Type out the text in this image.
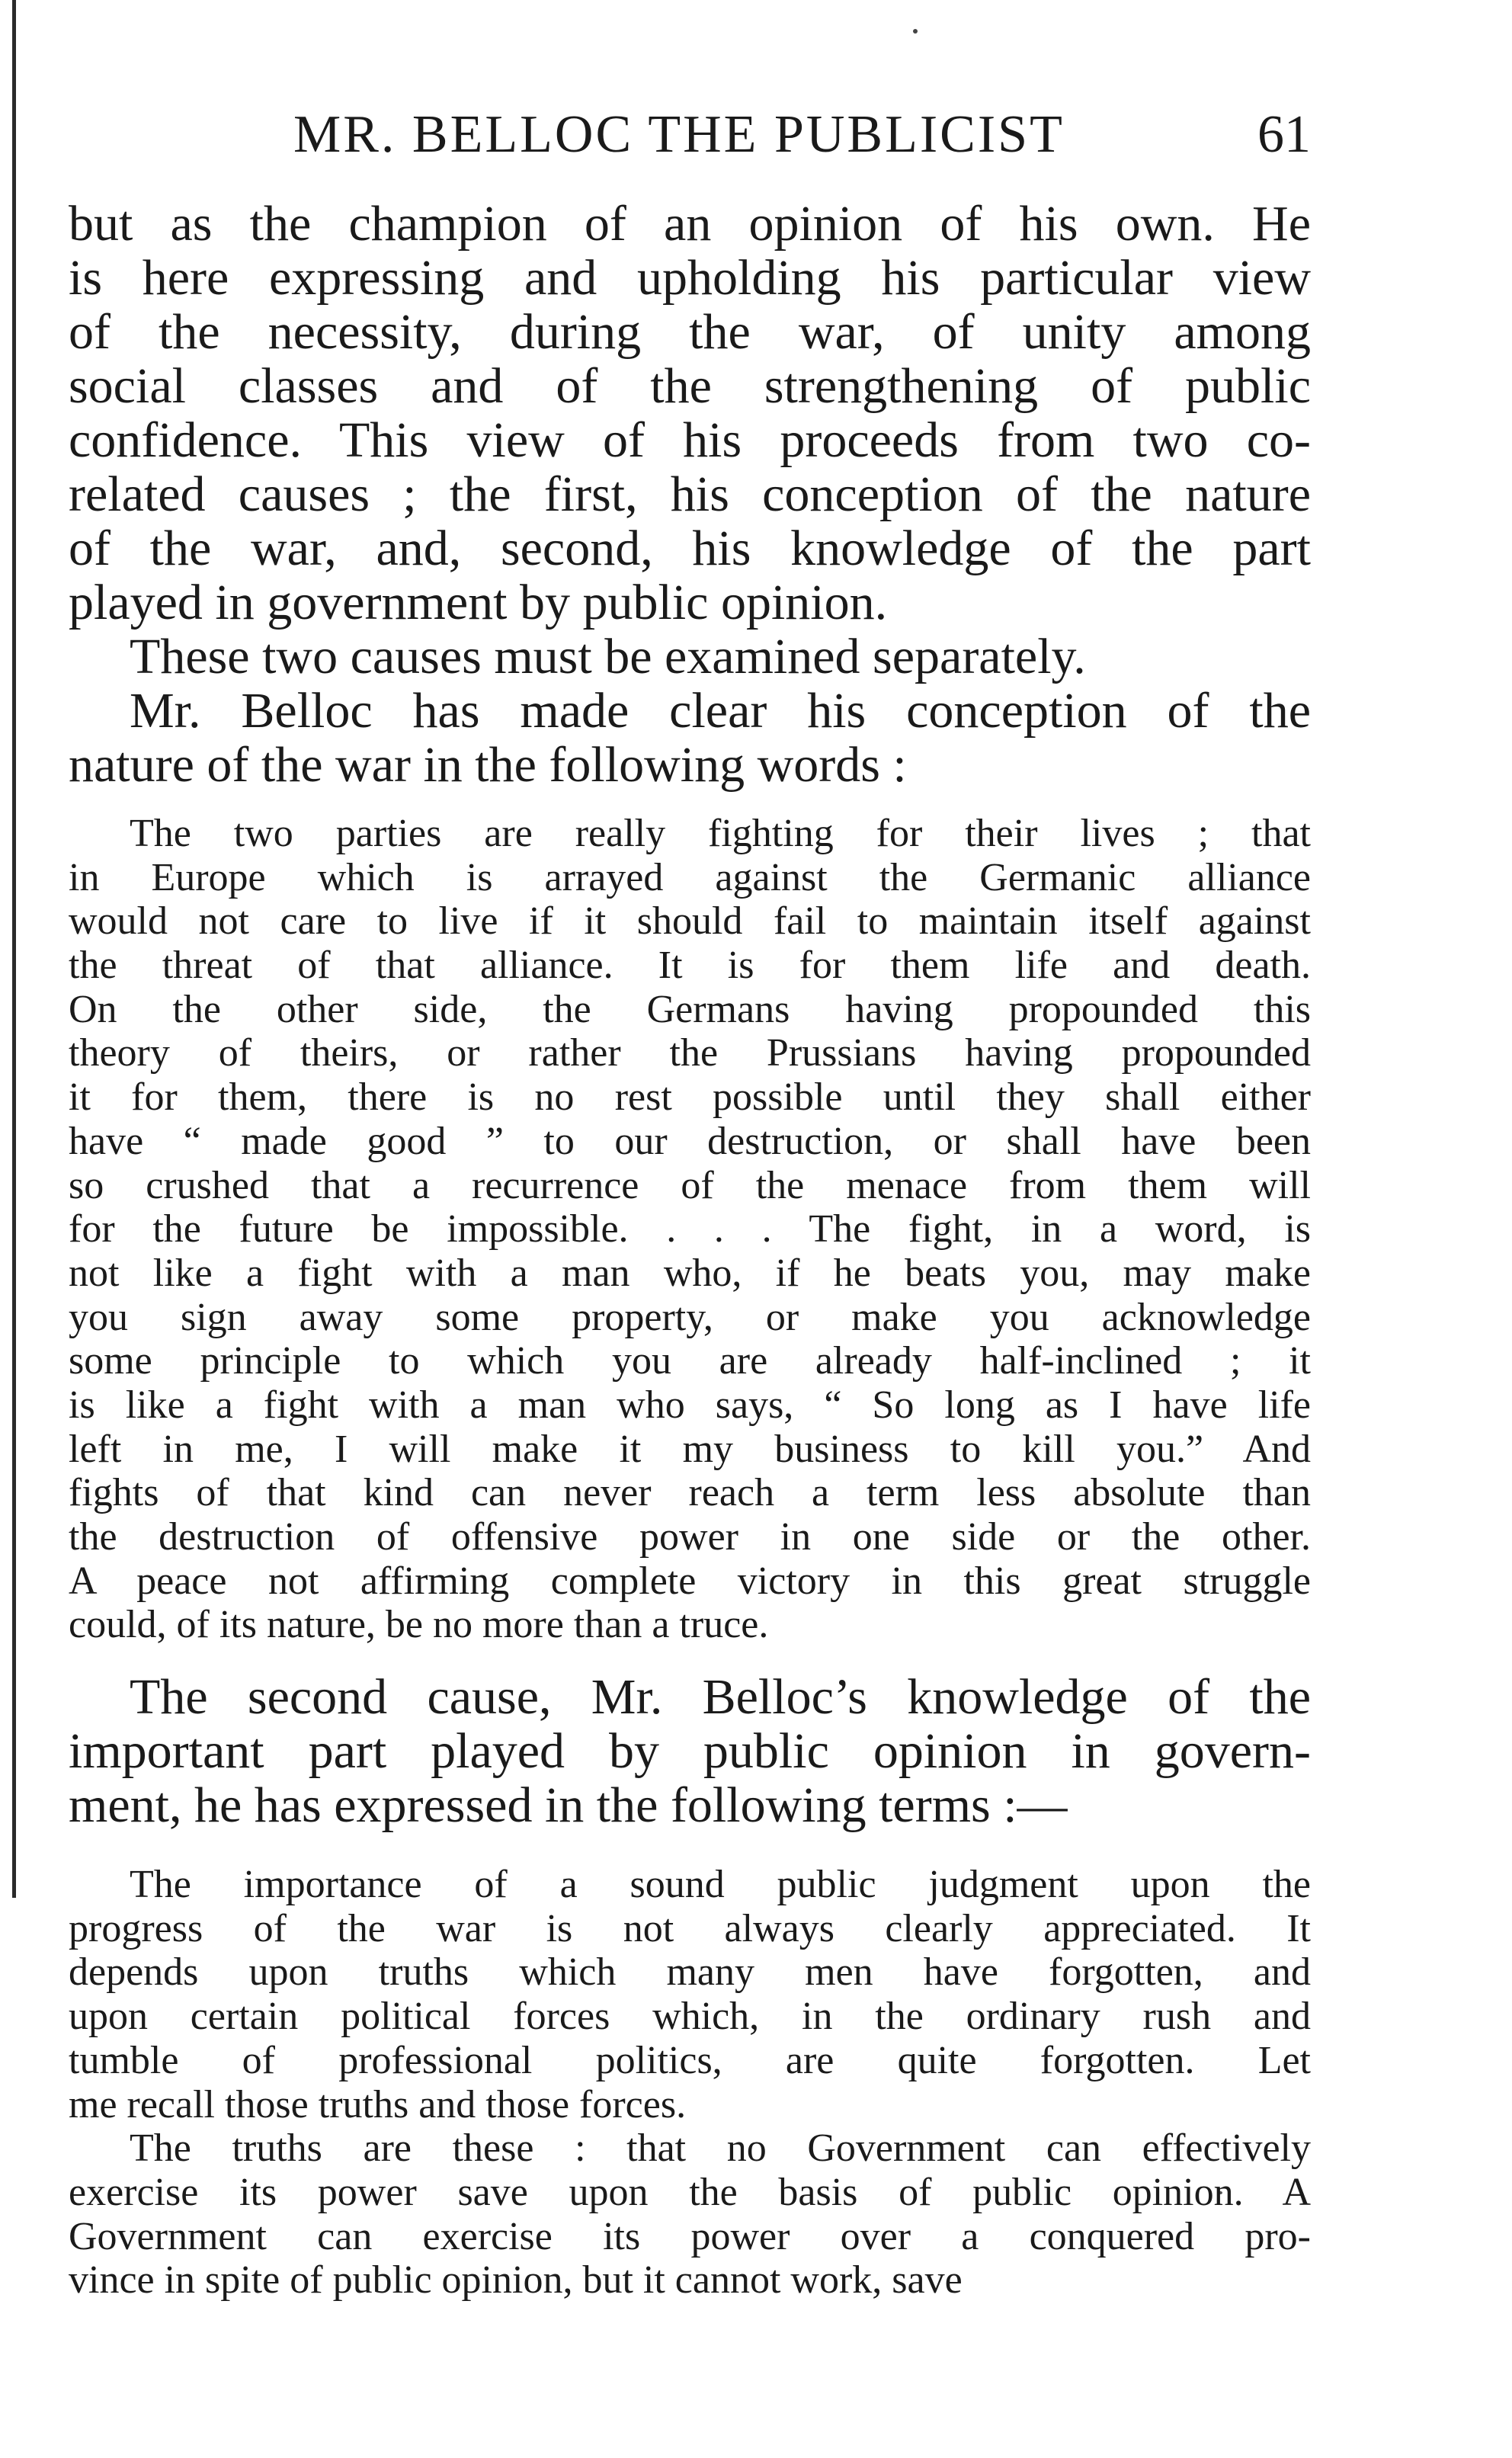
MR. BELLOC THE PUBLICIST	61
but as the champion of an opinion of his own. He
is here expressing and upholding his particular view
of the necessity, during the war, of unity among
social classes and of the strengthening of public
confidence. This view of his proceeds from two co-
related causes ; the first, his conception of the nature
of the war, and, second, his knowledge of the part
played in government by public opinion.
These two causes must be examined separately.
Mr. Belloc has made clear his conception of the
nature of the war in the following words :
The two parties are really fighting for their lives ; that
in Europe which is arrayed against the Germanic alliance
would not care to live if it should fail to maintain itself against
the threat of that alliance. It is for them life and death.
On the other side, the Germans having propounded this
theory of theirs, or rather the Prussians having propounded
it for them, there is no rest possible until they shall either
have “ made good ” to our destruction, or shall have been
so crushed that a recurrence of the menace from them will
for the future be impossible. . . . The fight, in a word, is
not like a fight with a man who, if he beats you, may make
you sign away some property, or make you acknowledge
some principle to which you are already half-inclined ; it
is like a fight with a man who says, “ So long as I have life
left in me, I will make it my business to kill you.” And
fights of that kind can never reach a term less absolute than
the destruction of offensive power in one side or the other.
A peace not affirming complete victory in this great struggle
could, of its nature, be no more than a truce.
The second cause, Mr. Belloc’s knowledge of the
important part played by public opinion in govern-
ment, he has expressed in the following terms :—
The importance of a sound public judgment upon the
progress of the war is not always clearly appreciated. It
depends upon truths which many men have forgotten, and
upon certain political forces which, in the ordinary rush and
tumble of professional politics, are quite forgotten. Let
me recall those truths and those forces.
The truths are these : that no Government can effectively
exercise its power save upon the basis of public opinion. A
Government can exercise its power over a conquered pro-
vince in spite of public opinion, but it cannot work, save
